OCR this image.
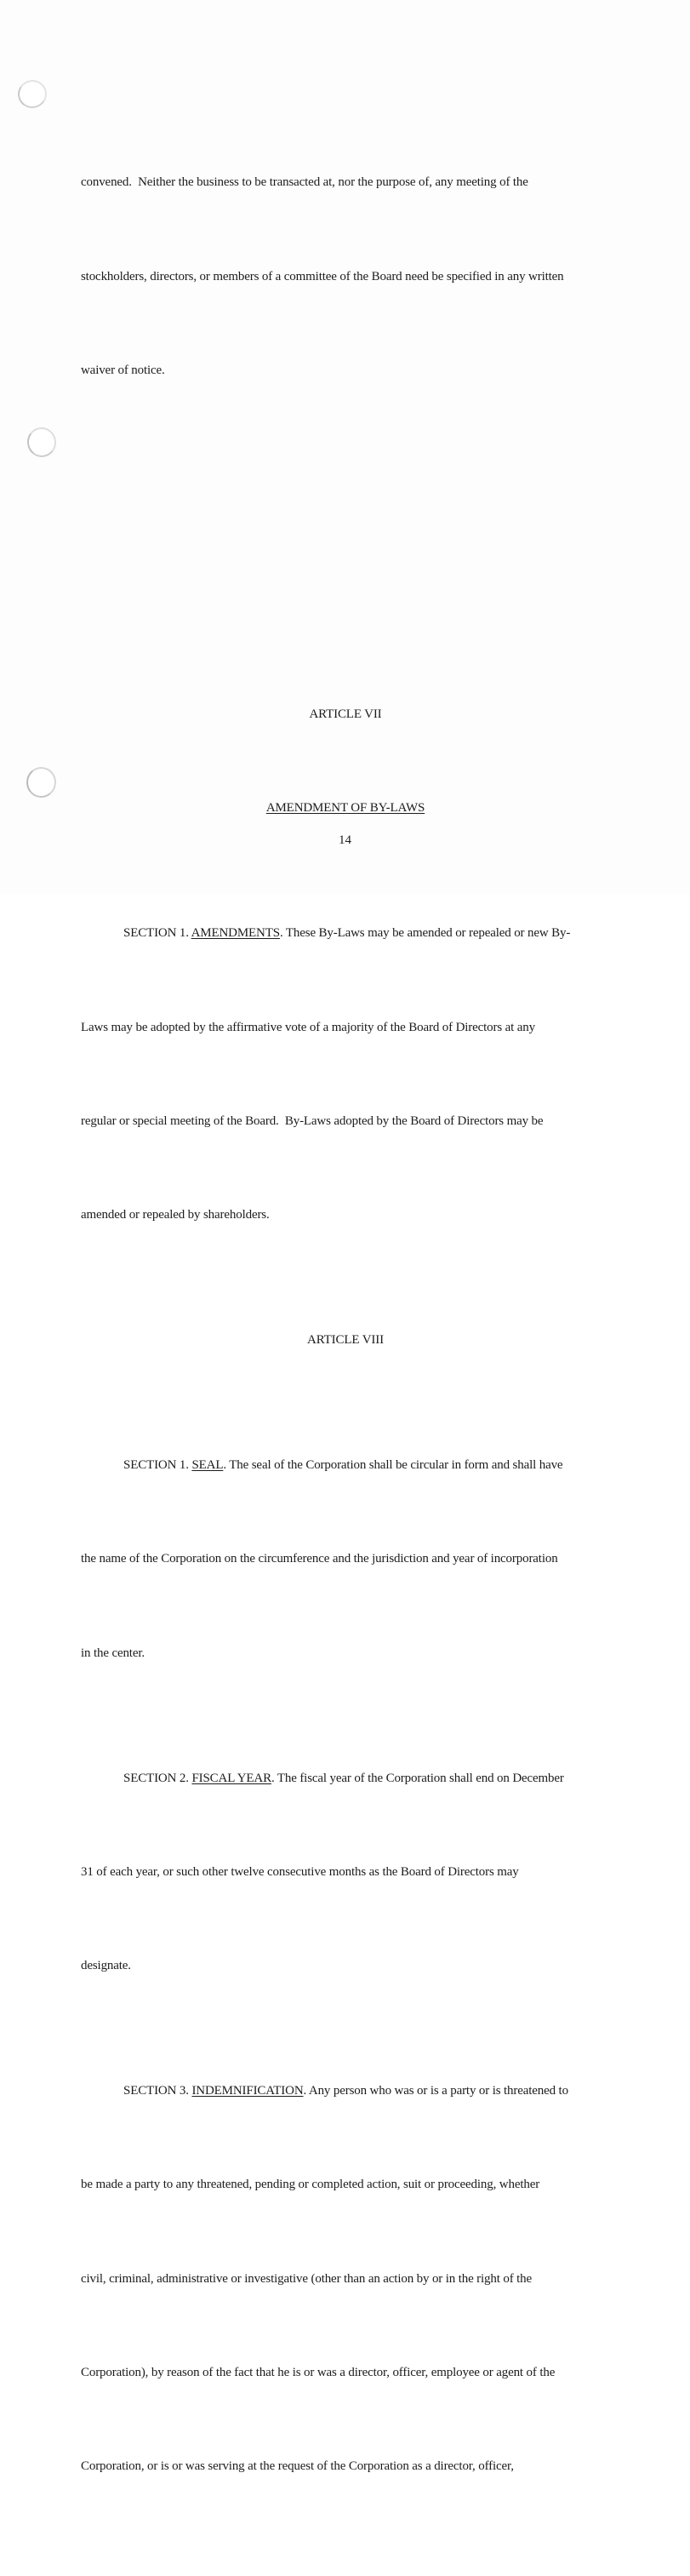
convened.  Neither the business to be transacted at, nor the purpose of, any meeting of the

stockholders, directors, or members of a committee of the Board need be specified in any written

waiver of notice.

ARTICLE VII

AMENDMENT OF BY-LAWS

SECTION 1. AMENDMENTS. These By-Laws may be amended or repealed or new By-

Laws may be adopted by the affirmative vote of a majority of the Board of Directors at any

regular or special meeting of the Board.  By-Laws adopted by the Board of Directors may be

amended or repealed by shareholders.

ARTICLE VIII

SECTION 1. SEAL. The seal of the Corporation shall be circular in form and shall have

the name of the Corporation on the circumference and the jurisdiction and year of incorporation

in the center.

SECTION 2. FISCAL YEAR. The fiscal year of the Corporation shall end on December

31 of each year, or such other twelve consecutive months as the Board of Directors may

designate.

SECTION 3. INDEMNIFICATION. Any person who was or is a party or is threatened to

be made a party to any threatened, pending or completed action, suit or proceeding, whether

civil, criminal, administrative or investigative (other than an action by or in the right of the

Corporation), by reason of the fact that he is or was a director, officer, employee or agent of the

Corporation, or is or was serving at the request of the Corporation as a director, officer,

14
